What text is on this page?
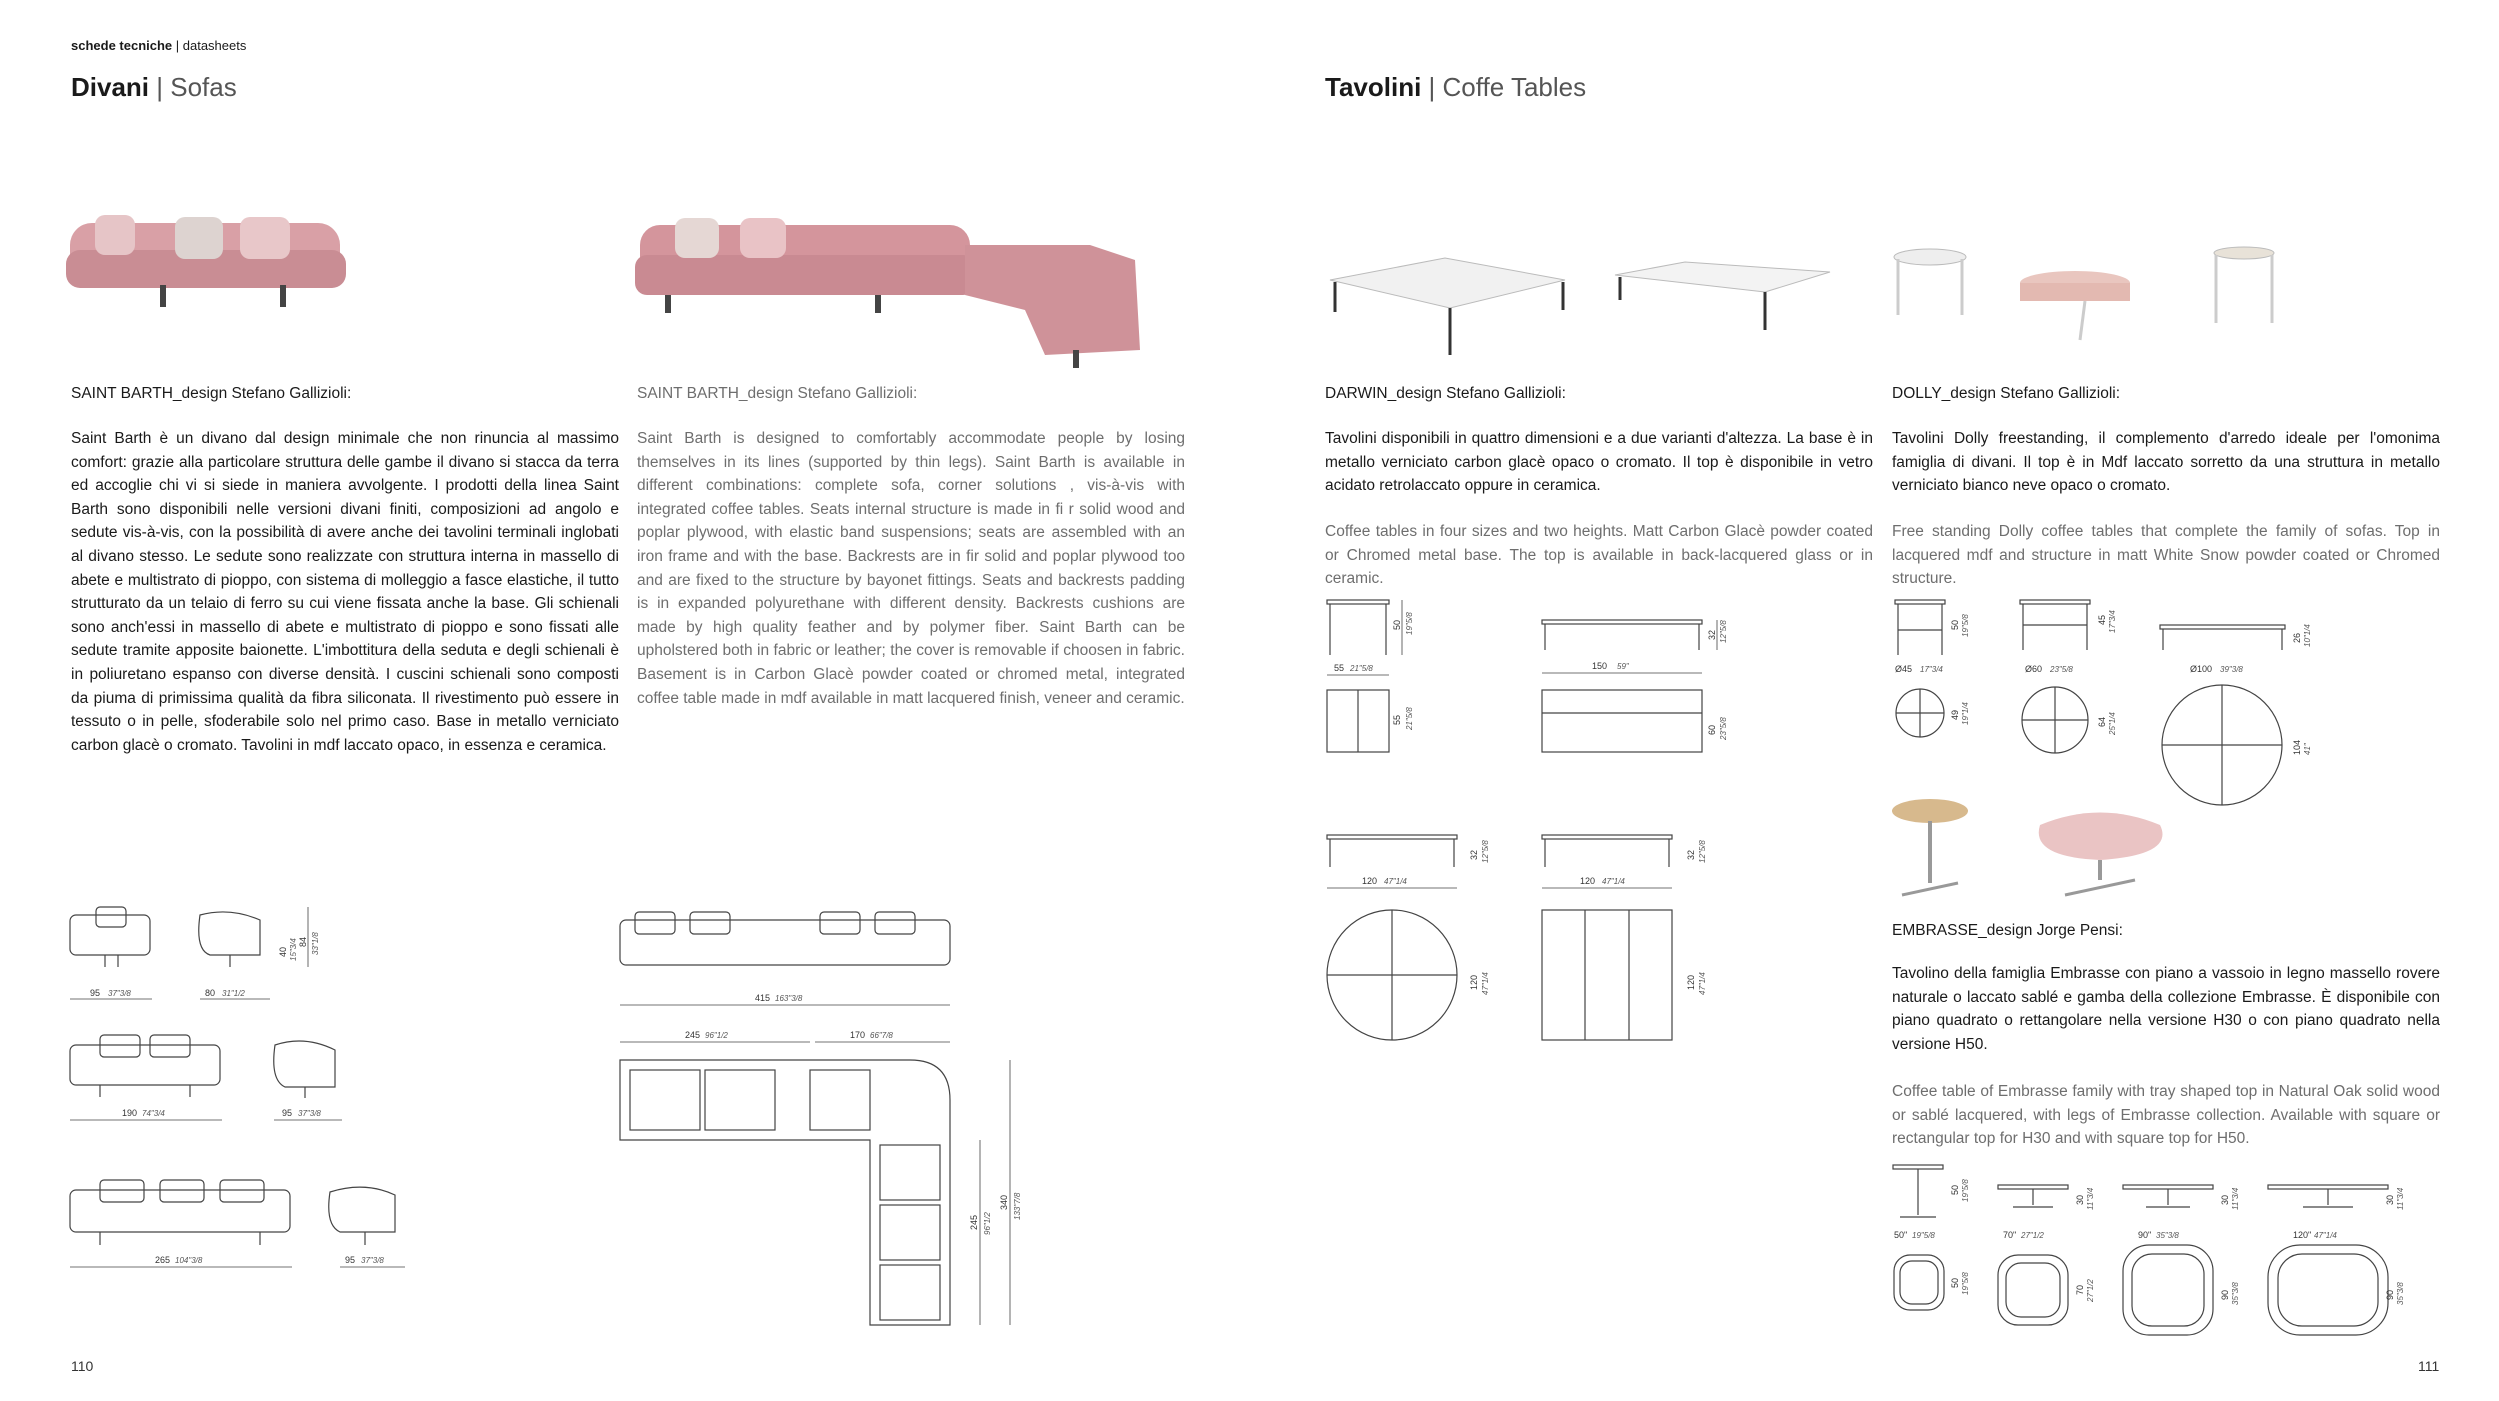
schede tecniche | datasheets
Divani | Sofas	Tavolini | Coffe Tables
SAINT BARTH_design Stefano Gallizioli:	SAINT BARTH_design Stefano Gallizioli:	DARWIN_design Stefano Gallizioli:	DOLLY_design Stefano Gallizioli:
EMBRASSE_design Jorge Pensi:
Saint Barth è un divano dal design minimale che non rinuncia al massimo comfort: grazie alla particolare struttura delle gambe il divano si stacca da terra ed accoglie chi vi si siede in maniera avvolgente. I prodotti della linea Saint Barth sono disponibili nelle versioni divani finiti, composizioni ad angolo e sedute vis-à-vis, con la possibilità di avere anche dei tavolini terminali inglobati al divano stesso. Le sedute sono realizzate con struttura interna in massello di abete e multistrato di pioppo, con sistema di molleggio a fasce elastiche, il tutto strutturato da un telaio di ferro su cui viene fissata anche la base. Gli schienali sono anch'essi in massello di abete e multistrato di pioppo e sono fissati alle sedute tramite apposite baionette. L'imbottitura della seduta e degli schienali è in poliuretano espanso con diverse densità. I cuscini schienali sono composti da piuma di primissima qualità da fibra siliconata. Il rivestimento può essere in tessuto o in pelle, sfoderabile solo nel primo caso. Base in metallo verniciato carbon glacè o cromato. Tavolini in mdf laccato opaco, in essenza e ceramica.
Saint Barth is designed to comfortably accommodate people by losing themselves in its lines (supported by thin legs). Saint Barth is available in different combinations: complete sofa, corner solutions , vis-à-vis with integrated coffee tables. Seats internal structure is made in fi r solid wood and poplar plywood, with elastic band suspensions; seats are assembled with an iron frame and with the base. Backrests are in fir solid and poplar plywood too and are fixed to the structure by bayonet fittings. Seats and backrests padding is in expanded polyurethane with different density. Backrests cushions are made by high quality feather and by polymer fiber. Saint Barth can be upholstered both in fabric or leather; the cover is removable if choosen in fabric. Basement is in Carbon Glacè powder coated or chromed metal, integrated coffee table made in mdf available in matt lacquered finish, veneer and ceramic.
Tavolini disponibili in quattro dimensioni e a due varianti d'altezza. La base è in metallo verniciato carbon glacè opaco o cromato. Il top è disponibile in vetro acidato retrolaccato oppure in ceramica.
Coffee tables in four sizes and two heights. Matt Carbon Glacè powder coated or Chromed metal base. The top is available in back-lacquered glass or in ceramic.
Tavolini Dolly freestanding, il complemento d'arredo ideale per l'omonima famiglia di divani. Il top è in Mdf laccato sorretto da una struttura in metallo verniciato bianco neve opaco o cromato.
Free standing Dolly coffee tables that complete the family of sofas. Top in lacquered mdf and structure in matt White Snow powder coated or Chromed structure.
Tavolino della famiglia Embrasse con piano a vassoio in legno massello rovere naturale o laccato sablé e gamba della collezione Embrasse. È disponibile con piano quadrato o rettangolare nella versione H30 o con piano quadrato nella versione H50.
Coffee table of Embrasse family with tray shaped top in Natural Oak solid wood or sablé lacquered, with legs of Embrasse collection. Available with square or rectangular top for H30 and with square top for H50.
95 37"3/8	80 31"1/2
84 33"1/8
40 15"3/4
190 74"3/4	95 37"3/8
265 104"3/8	95 37"3/8
415 163"3/8
245 96"1/2	170 66"7/8
340 133"7/8
245 96"1/2
50 19"5/8
55 21"5/8
55 21"5/8
32 12"5/8
150 59"
60 23"5/8
32 12"5/8
120 47"1/4
120 47"1/4
32 12"5/8
120 47"1/4
120 47"1/4
50 19"5/8
Ø45 17"3/4
49 19"1/4
45 17"3/4
Ø60 23"5/8
64 25"1/4
26 10"1/4
Ø100 39"3/8
104 41"
50 19"5/8
50" 19"5/8
50 19"5/8
30 11"3/4
70" 27"1/2
70 27"1/2
30 11"3/4
90" 35"3/8
90 35"3/8
30 11"3/4
120" 47"1/4
90 35"3/8
110	111
